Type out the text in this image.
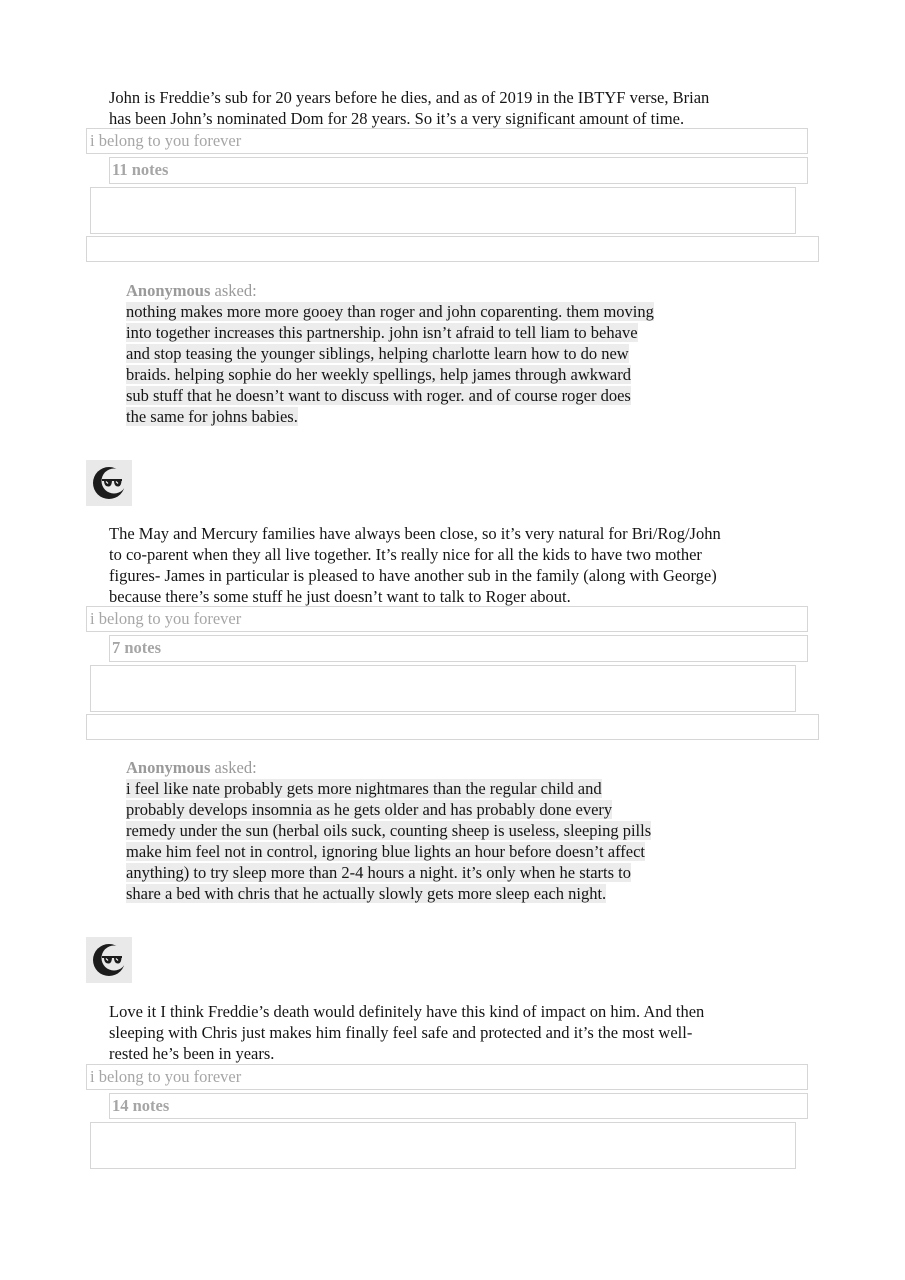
John is Freddie’s sub for 20 years before he dies, and as of 2019 in the IBTYF verse, Brian
has been John’s nominated Dom for 28 years. So it’s a very significant amount of time.
i belong to you forever
11 notes
Anonymous asked:
nothing makes more more gooey than roger and john coparenting. them moving
into together increases this partnership. john isn’t afraid to tell liam to behave
and stop teasing the younger siblings, helping charlotte learn how to do new
braids. helping sophie do her weekly spellings, help james through awkward
sub stuff that he doesn’t want to discuss with roger. and of course roger does
the same for johns babies.
The May and Mercury families have always been close, so it’s very natural for Bri/Rog/John
to co-parent when they all live together. It’s really nice for all the kids to have two mother
figures- James in particular is pleased to have another sub in the family (along with George)
because there’s some stuff he just doesn’t want to talk to Roger about.
i belong to you forever
7 notes
Anonymous asked:
i feel like nate probably gets more nightmares than the regular child and
probably develops insomnia as he gets older and has probably done every
remedy under the sun (herbal oils suck, counting sheep is useless, sleeping pills
make him feel not in control, ignoring blue lights an hour before doesn’t affect
anything) to try sleep more than 2-4 hours a night. it’s only when he starts to
share a bed with chris that he actually slowly gets more sleep each night.
Love it I think Freddie’s death would definitely have this kind of impact on him. And then
sleeping with Chris just makes him finally feel safe and protected and it’s the most well-
rested he’s been in years.
i belong to you forever
14 notes
